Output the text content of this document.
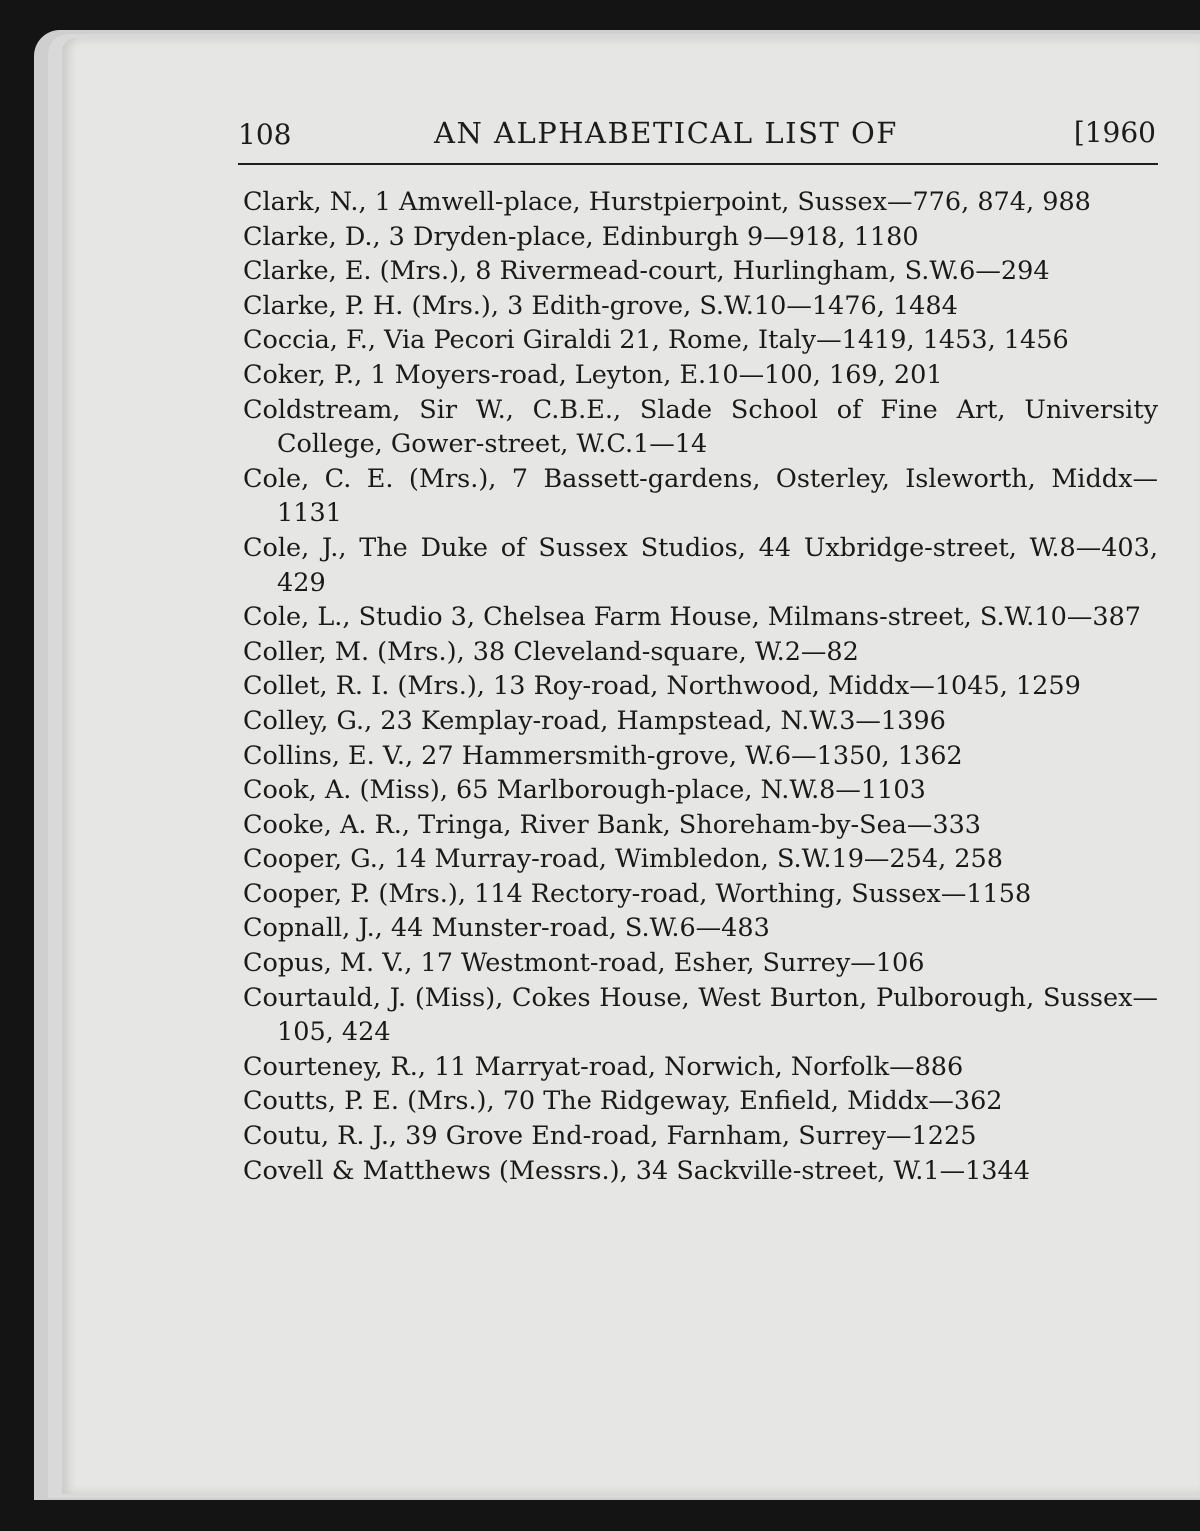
108	AN ALPHABETICAL LIST OF	[1960

Clark, N., 1 Amwell-place, Hurstpierpoint, Sussex—776, 874, 988

Clarke, D., 3 Dryden-place, Edinburgh 9—918, 1180

Clarke, E. (Mrs.), 8 Rivermead-court, Hurlingham, S.W.6—294

Clarke, P. H. (Mrs.), 3 Edith-grove, S.W.10—1476, 1484

Coccia, F., Via Pecori Giraldi 21, Rome, Italy—1419, 1453, 1456

Coker, P., 1 Moyers-road, Leyton, E.10—100, 169, 201

Coldstream, Sir W., C.B.E., Slade School of Fine Art, University College, Gower-street, W.C.1—14

Cole, C. E. (Mrs.), 7 Bassett-gardens, Osterley, Isleworth, Middx—1131

Cole, J., The Duke of Sussex Studios, 44 Uxbridge-street, W.8—403, 429

Cole, L., Studio 3, Chelsea Farm House, Milmans-street, S.W.10—387

Coller, M. (Mrs.), 38 Cleveland-square, W.2—82

Collet, R. I. (Mrs.), 13 Roy-road, Northwood, Middx—1045, 1259

Colley, G., 23 Kemplay-road, Hampstead, N.W.3—1396

Collins, E. V., 27 Hammersmith-grove, W.6—1350, 1362

Cook, A. (Miss), 65 Marlborough-place, N.W.8—1103

Cooke, A. R., Tringa, River Bank, Shoreham-by-Sea—333

Cooper, G., 14 Murray-road, Wimbledon, S.W.19—254, 258

Cooper, P. (Mrs.), 114 Rectory-road, Worthing, Sussex—1158

Copnall, J., 44 Munster-road, S.W.6—483

Copus, M. V., 17 Westmont-road, Esher, Surrey—106

Courtauld, J. (Miss), Cokes House, West Burton, Pulborough, Sussex—105, 424

Courteney, R., 11 Marryat-road, Norwich, Norfolk—886

Coutts, P. E. (Mrs.), 70 The Ridgeway, Enfield, Middx—362

Coutu, R. J., 39 Grove End-road, Farnham, Surrey—1225

Covell & Matthews (Messrs.), 34 Sackville-street, W.1—1344
